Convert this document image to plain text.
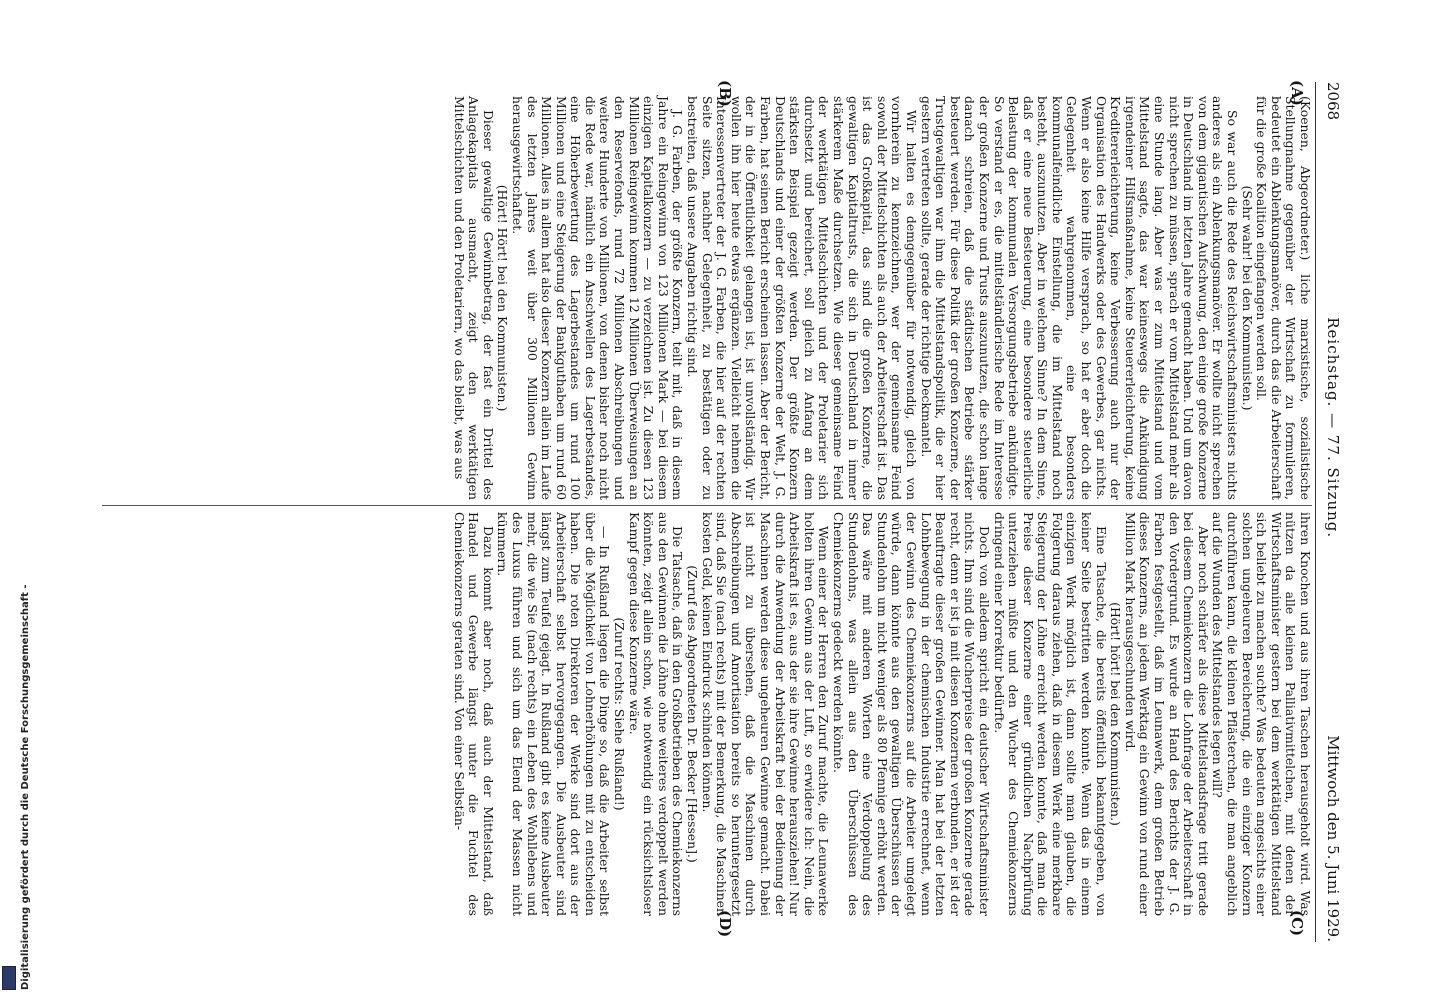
2068
Reichstag. — 77. Sitzung.
Mittwoch den 5. Juni 1929.
(A)
(B)
(C)
(D)

(Koenen, Abgeordneter.) liche marxistische, sozialistische Stellungnahme gegenüber der Wirtschaft zu formulieren, bedeutet ein Ablenkungsmanöver, durch das die Arbeiterschaft für die große Koalition eingefangen werden soll.

(Sehr wahr! bei den Kommunisten.)

So war auch die Rede des Reichswirtschaftsministers nichts anderes als ein Ablenkungsmanöver. Er wollte nicht sprechen von dem gigantischen Aufschwung, den einige große Konzerne in Deutschland im letzten Jahre gemacht haben. Und um davon nicht sprechen zu müssen, sprach er vom Mittelstand mehr als eine Stunde lang. Aber was er zum Mittelstand und vom Mittelstand sagte, das war keineswegs die Ankündigung irgendeiner Hilfsmaßnahme, keine Steuererleichterung, keine Kreditererleichterung, keine Verbesserung auch nur der Organisation des Handwerks oder des Gewerbes, gar nichts. Wenn er also keine Hilfe versprach, so hat er aber doch die Gelegenheit wahrgenommen, eine besonders kommunalfeindliche Einstellung, die im Mittelstand noch besteht, auszunutzen. Aber in welchem Sinne? In dem Sinne, daß er eine neue Besteuerung, eine besondere steuerliche Belastung der kommunalen Versorgungsbetriebe ankündigte. So verstand er es, die mittelständlerische Rede im Interesse der großen Konzerne und Trusts auszunutzen, die schon lange danach schreien, daß die städtischen Betriebe stärker besteuert werden. Für diese Politik der großen Konzerne, der Trustgewaltigen war ihm die Mittelstandspolitik, die er hier gestern vertreten sollte, gerade der richtige Deckmantel.

Wir halten es demgegenüber für notwendig, gleich von vornherein zu kennzeichnen, wer der gemeinsame Feind sowohl der Mittelschichten als auch der Arbeiterschaft ist. Das ist das Großkapital, das sind die großen Konzerne, die gewaltigen Kapitaltrusts, die sich in Deutschland in immer stärkerem Maße durchsetzen. Wie dieser gemeinsame Feind der werktätigen Mittelschichten und der Proletarier sich durchsetzt und bereichert, soll gleich zu Anfang an dem stärksten Beispiel gezeigt werden. Der größte Konzern Deutschlands und einer der größten Konzerne der Welt, J. G. Farben, hat seinen Bericht erscheinen lassen. Aber der Bericht, der in die Öffentlichkeit gelangen ist, ist unvollständig. Wir wollen ihn hier heute etwas ergänzen. Vielleicht nehmen die Interessenvertreter der J. G. Farben, die hier auf der rechten Seite sitzen, nachher Gelegenheit, zu bestätigen oder zu bestreiten, daß unsere Angaben richtig sind.

J. G. Farben, der größte Konzern, teilt mit, daß in diesem Jahre ein Reingewinn von 123 Millionen Mark — bei diesem einzigen Kapitalkonzern — zu verzeichnen ist. Zu diesen 123 Millionen Reingewinn kommen 12 Millionen Überweisungen an den Reservefonds, rund 72 Millionen Abschreibungen und weitere Hunderte von Millionen, von denen bisher noch nicht die Rede war, nämlich ein Anschwellen des Lagerbestandes, eine Höherbewertung des Lagerbestandes um rund 100 Millionen und eine Steigerung der Bankguthaben um rund 60 Millionen. Alles in allem hat also dieser Konzern allein im Laufe des letzten Jahres weit über 300 Millionen Gewinn herausgewirtschaftet.

(Hört! Hört! bei den Kommunisten.)

Dieser gewaltige Gewinnbetrag, der fast ein Drittel des Anlagekapitals ausmacht, zeigt den werktätigen Mittelschichten und den Proletariern, wo das bleibt, was aus

ihren Knochen und aus ihren Taschen herausgeholt wird. Was nützen da alle kleinen Palliativmittelchen, mit denen der Wirtschaftsminister gestern bei dem werktätigen Mittelstand sich beliebt zu machen suchte? Was bedeuten angesichts einer solchen ungeheuren Bereicherung, die ein einziger Konzern durchführen kann, die kleinen Pflästerchen, die man angeblich auf die Wunden des Mittelstandes legen will?

Aber noch schärfer als diese Mittelstandsfrage tritt gerade bei diesem Chemiekonzern die Lohnfrage der Arbeiterschaft in den Vordergrund. Es wurde an Hand des Berichts der J. G. Farben festgestellt, daß im Leunawerk, dem großen Betrieb dieses Konzerns, an jedem Werktag ein Gewinn von rund einer Million Mark herausgeschunden wird.

(Hört! hört! bei den Kommunisten.)

Eine Tatsache, die bereits öffentlich bekanntgegeben, von keiner Seite bestritten werden konnte. Wenn das in einem einzigen Werk möglich ist, dann sollte man glauben, die Folgerung daraus ziehen, daß in diesem Werk eine merkbare Steigerung der Löhne erreicht werden konnte, daß man die Preise dieser Konzerne einer gründlichen Nachprüfung unterziehen müßte und den Wucher des Chemiekonzerns dringend einer Korrektur bedürfte.

Doch von alledem spricht ein deutscher Wirtschaftsminister nichts. Ihm sind die Wucherpreise der großen Konzerne gerade recht, denn er ist ja mit diesen Konzernen verbunden, er ist der Beauftragte dieser großen Gewinner. Man hat bei der letzten Lohnbewegung in der chemischen Industrie errechnet, wenn der Gewinn des Chemiekonzerns auf die Arbeiter umgelegt würde, dann könnte aus den gewaltigen Überschüssen der Stundenlohn um nicht weniger als 80 Pfennige erhöht werden. Das wäre mit anderen Worten eine Verdoppelung des Stundenlohns, was allein aus den Überschüssen des Chemiekonzerns gedeckt werden könnte.

Wenn einer der Herren den Zuruf machte, die Leunawerke holten ihren Gewinn aus der Luft, so erwidere ich: Nein, die Arbeitskraft ist es, aus der sie ihre Gewinne herausziehen! Nur durch die Anwendung der Arbeitskraft bei der Bedienung der Maschinen werden diese ungeheuren Gewinne gemacht. Dabei ist nicht zu übersehen, daß die Maschinen durch Abschreibungen und Amortisation bereits so heruntergesetzt sind, daß Sie (nach rechts) mit der Bemerkung, die Maschinen kosten Geld, keinen Eindruck schinden können.

(Zuruf des Abgeordneten Dr. Becker [Hessen].)

Die Tatsache, daß in den Großbetrieben des Chemiekonzerns aus den Gewinnen die Löhne ohne weiteres verdoppelt werden könnten, zeigt allein schon, wie notwendig ein rücksichtsloser Kampf gegen diese Konzerne wäre.

(Zuruf rechts: Siehe Rußland!)

— In Rußland liegen die Dinge so, daß die Arbeiter selbst über die Möglichkeit von Lohnerhöhungen mit zu entscheiden haben. Die roten Direktoren der Werke sind dort aus der Arbeiterschaft selbst hervorgegangen. Die Ausbeuter sind längst zum Teufel gejagt. In Rußland gibt es keine Ausbeuter mehr, die wie Sie (nach rechts) ein Leben des Wohllebens und des Luxus führen und sich um das Elend der Massen nicht kümmern.

Dazu kommt aber noch, daß auch der Mittelstand, daß Handel und Gewerbe längst unter die Fuchtel des Chemiekonzerns geraten sind. Von einer Selbstän-

Digitalisierung gefördert durch die Deutsche Forschungsgemeinschaft -
